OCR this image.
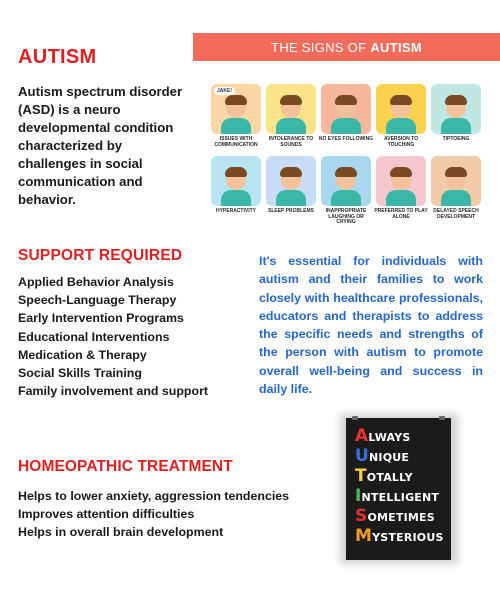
AUTISM
Autism spectrum disorder (ASD) is a neuro developmental condition characterized by challenges in social communication and behavior.
THE SIGNS OF AUTISM
JAKE!
ISSUES WITH COMMUNICATION
INTOLERANCE TO SOUNDS
NO EYES FOLLOWING	AVERSION TO TOUCHING
TIPTOEING
HYPERACTIVITY	SLEEP PROBLEMS	INAPPROPRIATE LAUGHING OR CRYING
PREFERRED TO PLAY ALONE
DELAYED SPEECH DEVELOPMENT
SUPPORT REQUIRED
Applied Behavior Analysis
Speech-Language Therapy
Early Intervention Programs
Educational Interventions
Medication & Therapy
Social Skills Training
Family involvement and support
It's essential for individuals with autism and their families to work closely with healthcare professionals, educators and therapists to address the specific needs and strengths of the person with autism to promote overall well-being and success in daily life.
HOMEOPATHIC TREATMENT
Helps to lower anxiety, aggression tendencies
Improves attention difficulties
Helps in overall brain development
ALWAYS
UNIQUE
TOTALLY
INTELLIGENT
SOMETIMES
MYSTERIOUS
